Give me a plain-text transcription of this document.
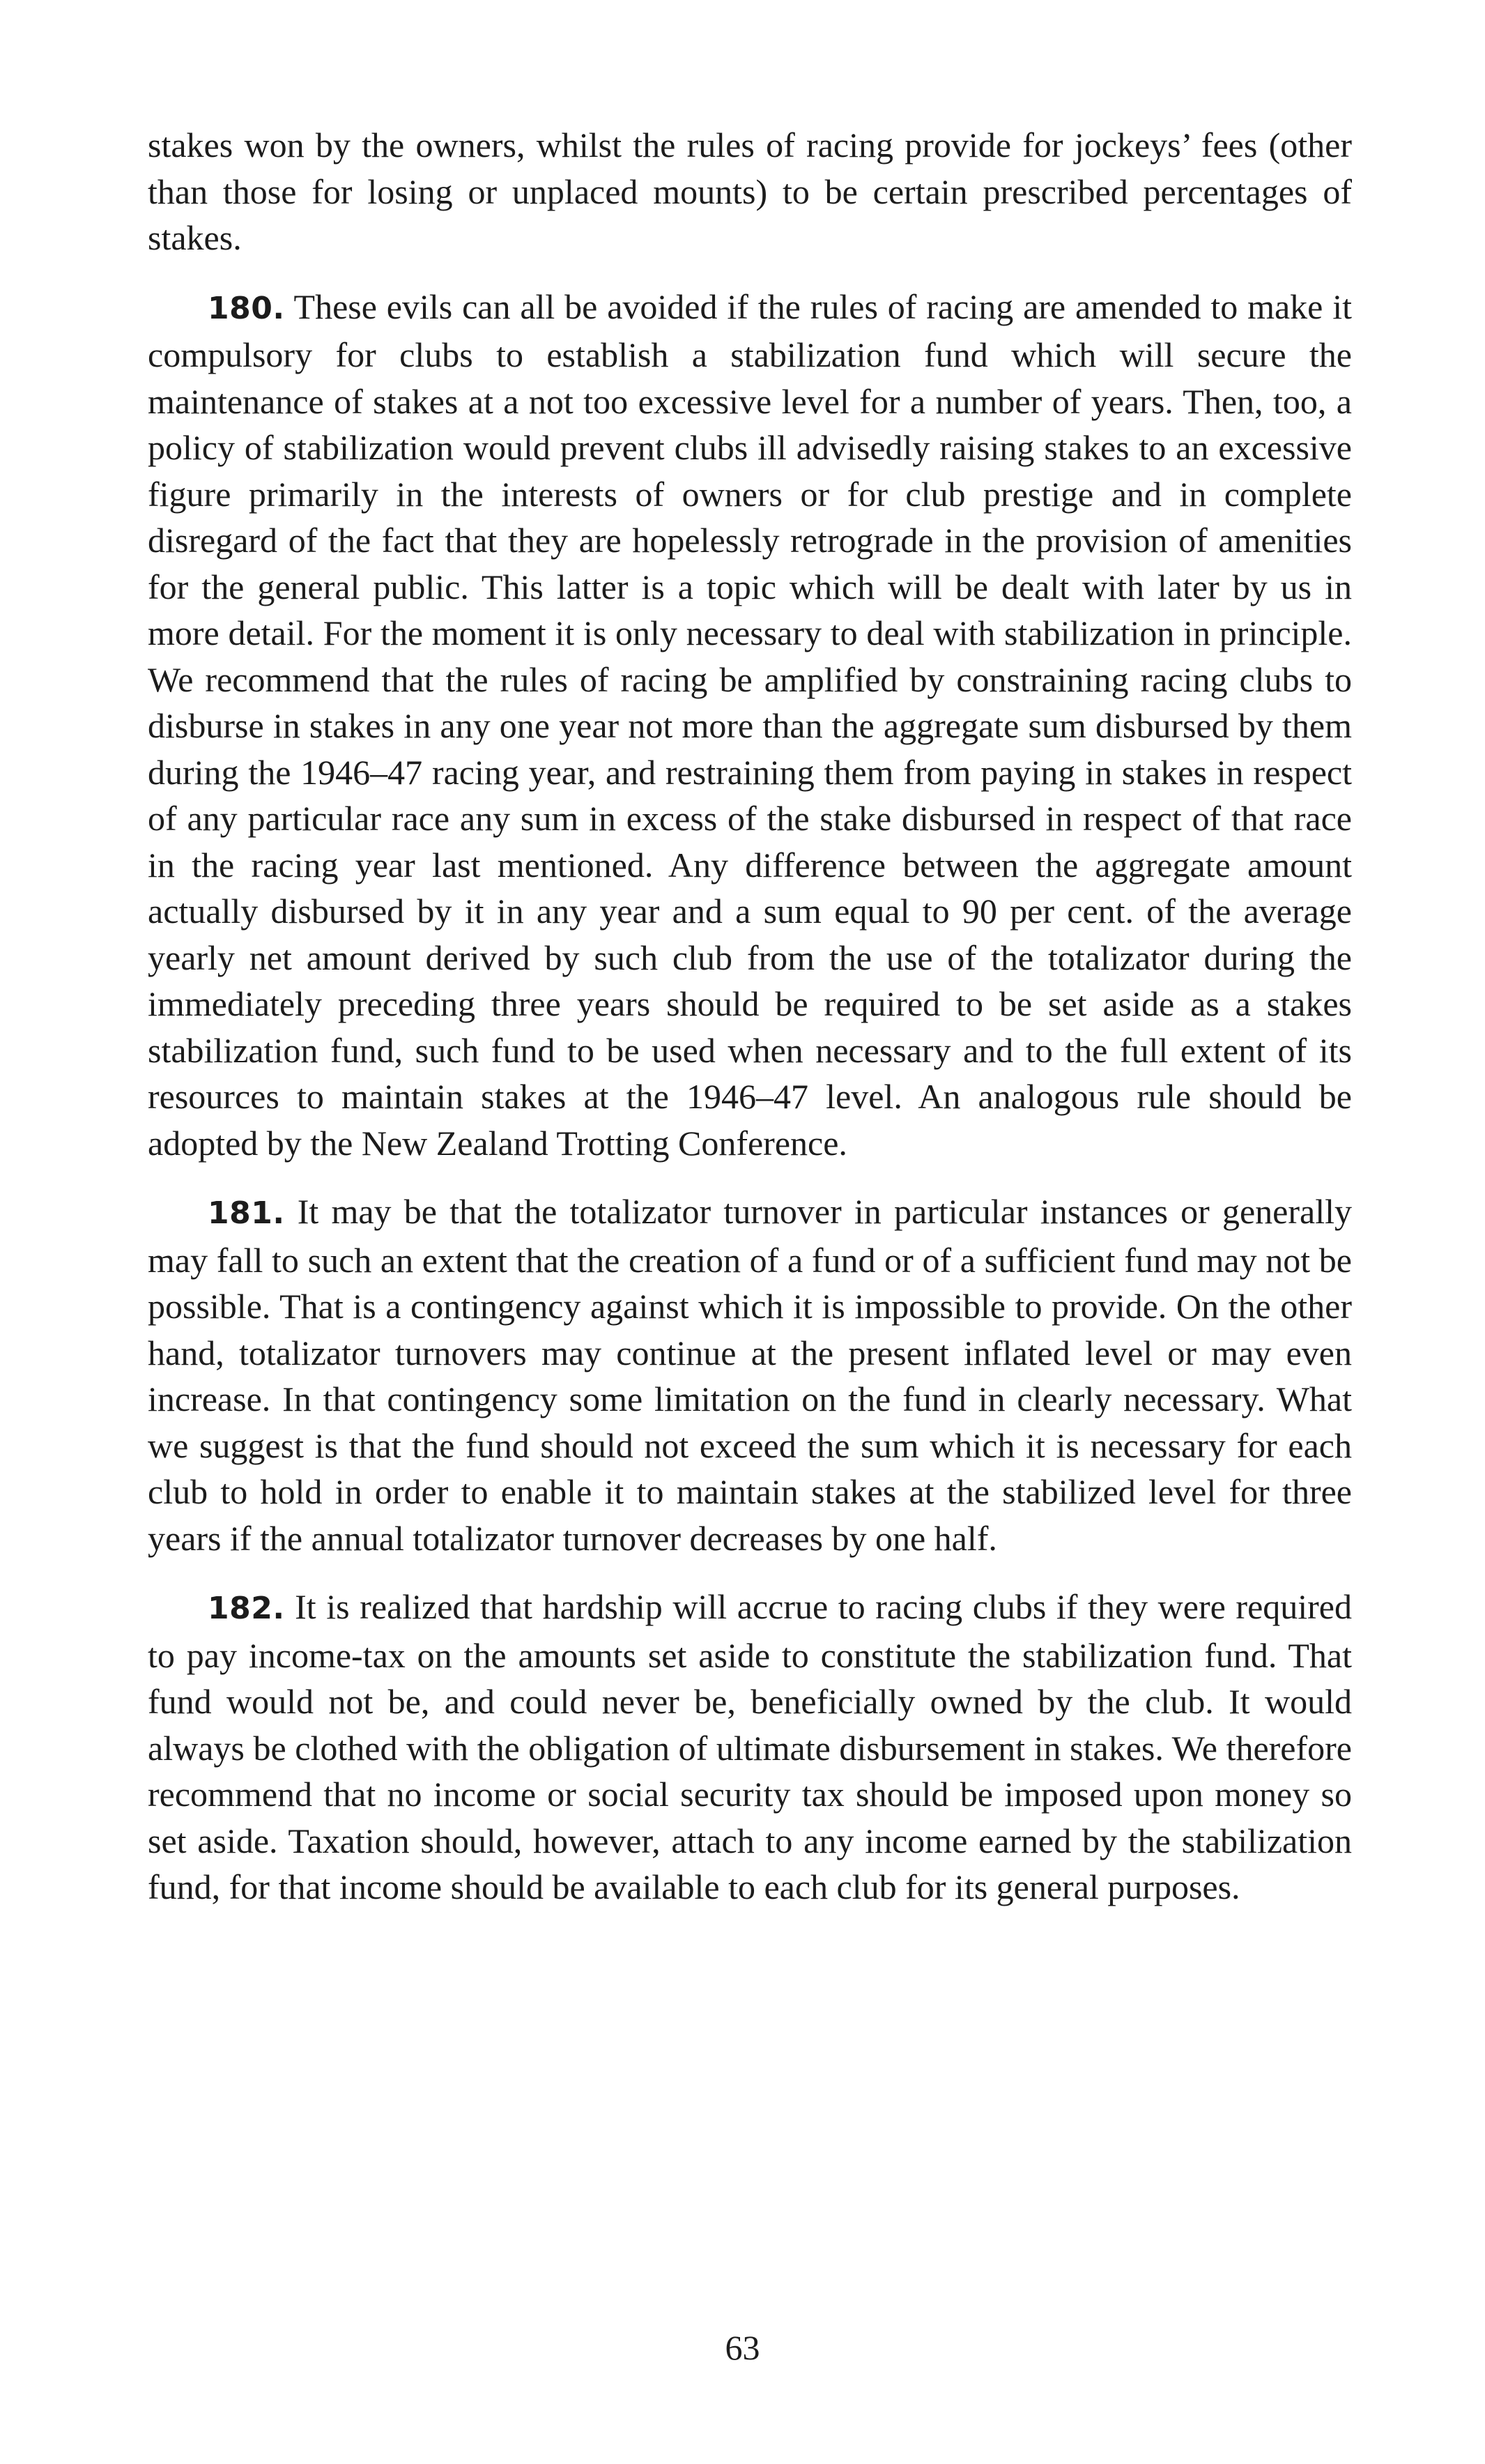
stakes won by the owners, whilst the rules of racing provide for jockeys’ fees (other than those for losing or unplaced mounts) to be certain prescribed percentages of stakes.

180. These evils can all be avoided if the rules of racing are amended to make it compulsory for clubs to establish a stabilization fund which will secure the maintenance of stakes at a not too excessive level for a number of years. Then, too, a policy of stabilization would prevent clubs ill advisedly raising stakes to an excessive figure primarily in the interests of owners or for club prestige and in complete disregard of the fact that they are hopelessly retrograde in the provision of amenities for the general public. This latter is a topic which will be dealt with later by us in more detail. For the moment it is only necessary to deal with stabilization in principle. We recommend that the rules of racing be amplified by constraining racing clubs to disburse in stakes in any one year not more than the aggregate sum disbursed by them during the 1946–47 racing year, and restraining them from paying in stakes in respect of any particular race any sum in excess of the stake disbursed in respect of that race in the racing year last mentioned. Any difference between the aggregate amount actually disbursed by it in any year and a sum equal to 90 per cent. of the average yearly net amount derived by such club from the use of the totalizator during the immediately preceding three years should be required to be set aside as a stakes stabilization fund, such fund to be used when necessary and to the full extent of its resources to maintain stakes at the 1946–47 level. An analogous rule should be adopted by the New Zealand Trotting Conference.

181. It may be that the totalizator turnover in particular instances or generally may fall to such an extent that the creation of a fund or of a sufficient fund may not be possible. That is a contingency against which it is impossible to provide. On the other hand, totalizator turnovers may continue at the present inflated level or may even increase. In that contingency some limitation on the fund in clearly necessary. What we suggest is that the fund should not exceed the sum which it is necessary for each club to hold in order to enable it to maintain stakes at the stabilized level for three years if the annual totalizator turnover decreases by one half.

182. It is realized that hardship will accrue to racing clubs if they were required to pay income-tax on the amounts set aside to constitute the stabilization fund. That fund would not be, and could never be, beneficially owned by the club. It would always be clothed with the obligation of ultimate disbursement in stakes. We therefore recommend that no income or social security tax should be imposed upon money so set aside. Taxation should, however, attach to any income earned by the stabilization fund, for that income should be available to each club for its general purposes.

63
